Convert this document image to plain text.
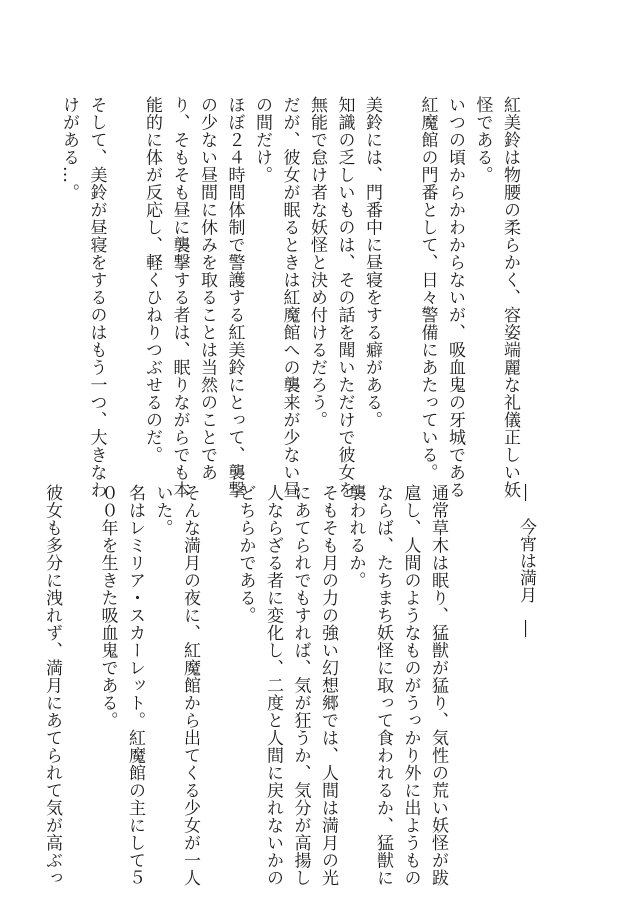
紅美鈴は物腰の柔らかく、容姿端麗な礼儀正しい妖

怪である。

いつの頃からかわからないが、吸血鬼の牙城である

紅魔館の門番として、日々警備にあたっている。

美鈴には、門番中に昼寝をする癖がある。

知識の乏しいものは、その話を聞いただけで彼女を

無能で怠け者な妖怪と決め付けるだろう。

だが、彼女が眠るときは紅魔館への襲来が少ない昼

の間だけ。

ほぼ２４時間体制で警護する紅美鈴にとって、襲撃

の少ない昼間に休みを取ることは当然のことであ

り、そもそも昼に襲撃する者は、眠りながらでも本

能的に体が反応し、軽くひねりつぶせるのだ。

そして、美鈴が昼寝をするのはもう一つ、大きなわ

けがある…。

―　今宵は満月　―

通常草木は眠り、猛獣が猛り、気性の荒い妖怪が跋

扈し、人間のようなものがうっかり外に出ようもの

ならば、たちまち妖怪に取って食われるか、猛獣に

襲われるか。

そもそも月の力の強い幻想郷では、人間は満月の光

にあてられでもすれば、気が狂うか、気分が高揚し

人ならざる者に変化し、二度と人間に戻れないかの

どちらかである。

そんな満月の夜に、紅魔館から出てくる少女が一人

いた。

名はレミリア・スカーレット。紅魔館の主にして５

００年を生きた吸血鬼である。

彼女も多分に洩れず、満月にあてられて気が高ぶっ
